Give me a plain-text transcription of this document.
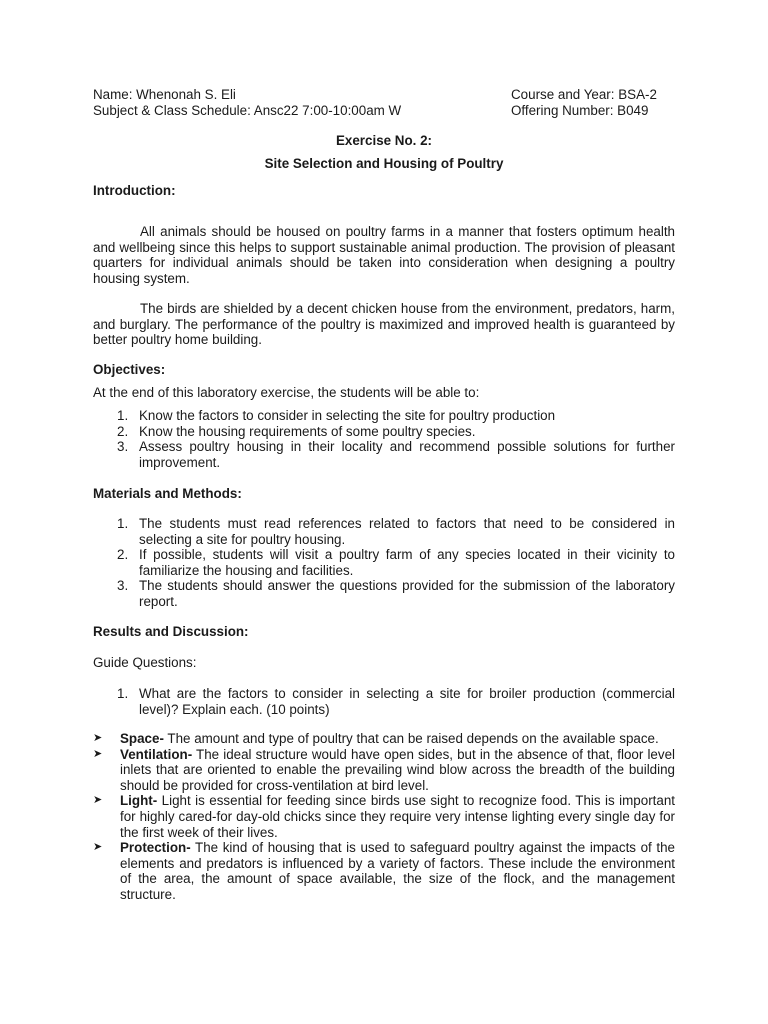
Name: Whenonah S. Eli	Course and Year: BSA-2
Subject & Class Schedule: Ansc22 7:00-10:00am W	Offering Number: B049
Exercise No. 2:
Site Selection and Housing of Poultry
Introduction:

All animals should be housed on poultry farms in a manner that fosters optimum health and wellbeing since this helps to support sustainable animal production. The provision of pleasant quarters for individual animals should be taken into consideration when designing a poultry housing system.

The birds are shielded by a decent chicken house from the environment, predators, harm, and burglary. The performance of the poultry is maximized and improved health is guaranteed by better poultry home building.

Objectives:
At the end of this laboratory exercise, the students will be able to:
1. Know the factors to consider in selecting the site for poultry production
2. Know the housing requirements of some poultry species.
3. Assess poultry housing in their locality and recommend possible solutions for further improvement.
Materials and Methods:
1. The students must read references related to factors that need to be considered in selecting a site for poultry housing.
2. If possible, students will visit a poultry farm of any species located in their vicinity to familiarize the housing and facilities.
3. The students should answer the questions provided for the submission of the laboratory report.
Results and Discussion:
Guide Questions:
1. What are the factors to consider in selecting a site for broiler production (commercial level)? Explain each. (10 points)
➤ Space- The amount and type of poultry that can be raised depends on the available space.
➤ Ventilation- The ideal structure would have open sides, but in the absence of that, floor level inlets that are oriented to enable the prevailing wind blow across the breadth of the building should be provided for cross-ventilation at bird level.
➤ Light- Light is essential for feeding since birds use sight to recognize food. This is important for highly cared-for day-old chicks since they require very intense lighting every single day for the first week of their lives.
➤ Protection- The kind of housing that is used to safeguard poultry against the impacts of the elements and predators is influenced by a variety of factors. These include the environment of the area, the amount of space available, the size of the flock, and the management structure.
